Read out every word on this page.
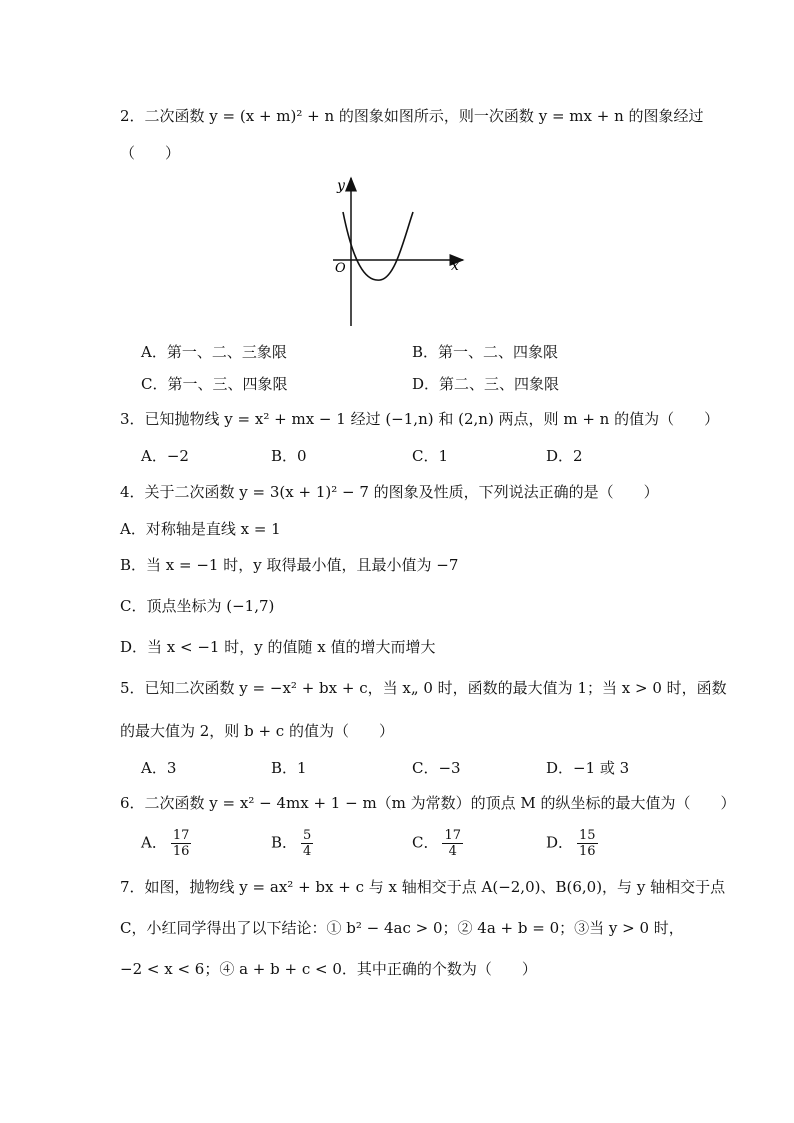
2．二次函数 y = (x + m)² + n 的图象如图所示，则一次函数 y = mx + n 的图象经过
（　　）
y
x
O
A．第一、二、三象限	B．第一、二、四象限
C．第一、三、四象限	D．第二、三、四象限
3．已知抛物线 y = x² + mx − 1 经过 (−1,n) 和 (2,n) 两点，则 m + n 的值为（　　）
A．−2	B．0	C．1	D．2
4．关于二次函数 y = 3(x + 1)² − 7 的图象及性质，下列说法正确的是（　　）
A．对称轴是直线 x = 1
B．当 x = −1 时，y 取得最小值，且最小值为 −7
C．顶点坐标为 (−1,7)
D．当 x < −1 时，y 的值随 x 值的增大而增大
5．已知二次函数 y = −x² + bx + c，当 x„ 0 时，函数的最大值为 1；当 x > 0 时，函数
的最大值为 2，则 b + c 的值为（　　）
A．3	B．1	C．−3	D．−1 或 3
6．二次函数 y = x² − 4mx + 1 − m（m 为常数）的顶点 M 的纵坐标的最大值为（　　）
A． $\frac{17}{16}$	B． $\frac{5}{4}$	C． $\frac{17}{4}$	D． $\frac{15}{16}$
7．如图，抛物线 y = ax² + bx + c 与 x 轴相交于点 A(−2,0)、B(6,0)，与 y 轴相交于点
C，小红同学得出了以下结论：① b² − 4ac > 0；② 4a + b = 0；③当 y > 0 时，
−2 < x < 6；④ a + b + c < 0．其中正确的个数为（　　）
